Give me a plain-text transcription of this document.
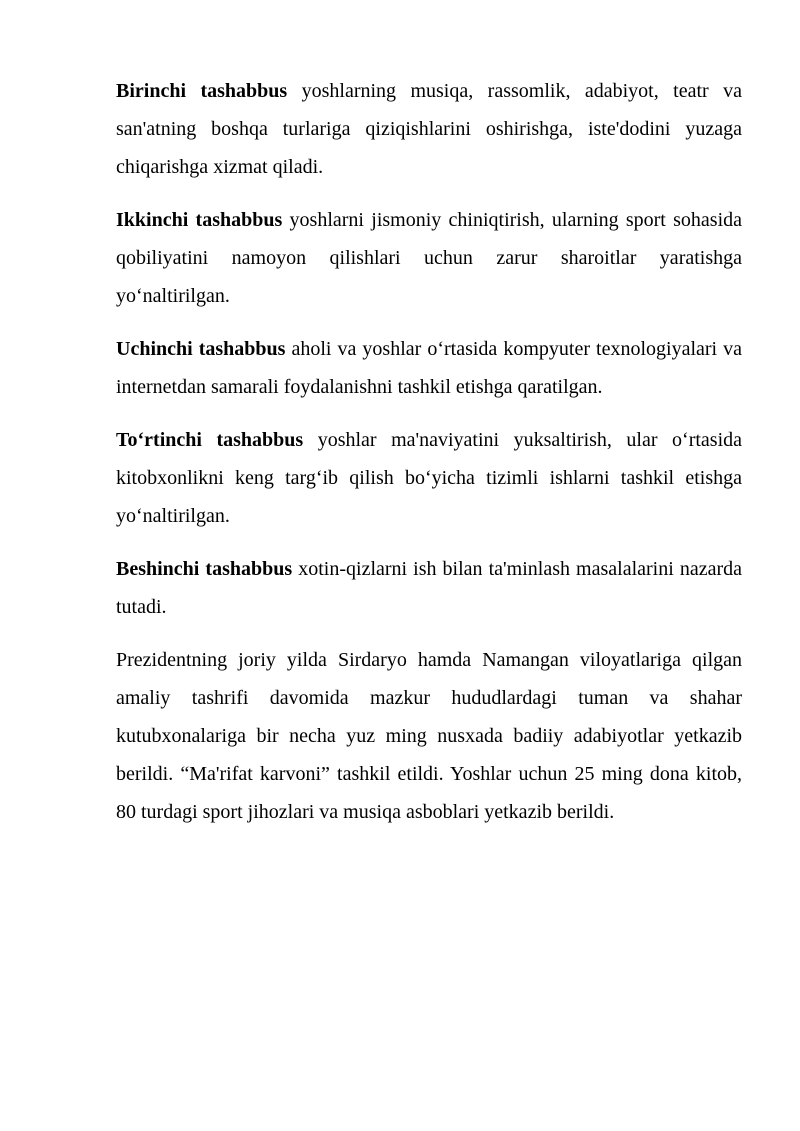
Birinchi tashabbus yoshlarning musiqa, rassomlik, adabiyot, teatr va san'atning boshqa turlariga qiziqishlarini oshirishga, iste'dodini yuzaga chiqarishga xizmat qiladi.

Ikkinchi tashabbus yoshlarni jismoniy chiniqtirish, ularning sport sohasida qobiliyatini namoyon qilishlari uchun zarur sharoitlar yaratishga yo‘naltirilgan.

Uchinchi tashabbus aholi va yoshlar o‘rtasida kompyuter texnologiyalari va internetdan samarali foydalanishni tashkil etishga qaratilgan.

To‘rtinchi tashabbus yoshlar ma'naviyatini yuksaltirish, ular o‘rtasida kitobxonlikni keng targ‘ib qilish bo‘yicha tizimli ishlarni tashkil etishga yo‘naltirilgan.

Beshinchi tashabbus xotin-qizlarni ish bilan ta'minlash masalalarini nazarda tutadi.

Prezidentning joriy yilda Sirdaryo hamda Namangan viloyatlariga qilgan amaliy tashrifi davomida mazkur hududlardagi tuman va shahar kutubxonalariga bir necha yuz ming nusxada badiiy adabiyotlar yetkazib berildi. “Ma'rifat karvoni” tashkil etildi. Yoshlar uchun 25 ming dona kitob, 80 turdagi sport jihozlari va musiqa asboblari yetkazib berildi.
